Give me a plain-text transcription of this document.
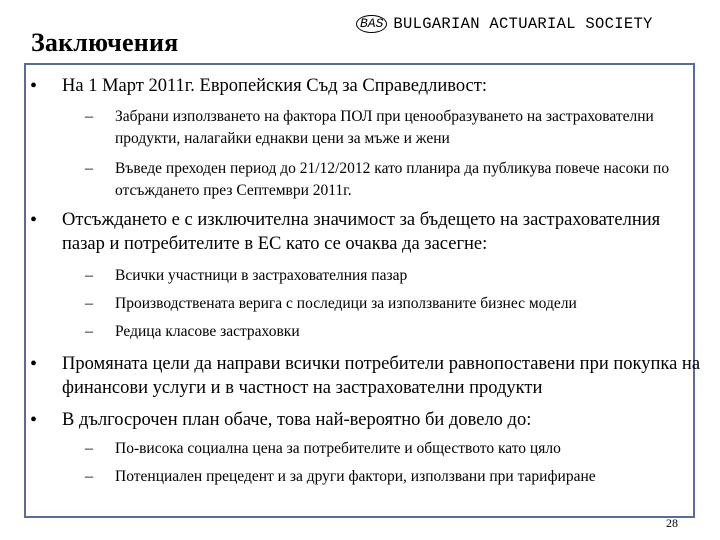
Заключения
BAS BULGARIAN ACTUARIAL SOCIETY
• На 1 Март 2011г. Европейския Съд за Справедливост:
– Забрани използването на фактора ПОЛ при ценообразуването на застрахователни продукти, налагайки еднакви цени за мъже и жени
– Въведе преходен период до 21/12/2012 като планира да публикува повече насоки по отсъждането през Септември 2011г.
• Отсъждането е с изключителна значимост за бъдещето на застрахователния пазар и потребителите в ЕС като се очаква да засегне:
– Всички участници в застрахователния пазар
– Производствената верига с последици за използваните бизнес модели
– Редица класове застраховки
• Промяната цели да направи всички потребители равнопоставени при покупка на финансови услуги и в частност на застрахователни продукти
• В дългосрочен план обаче, това най-вероятно би довело до:
– По-висока социална цена за потребителите и обществото като цяло
– Потенциален прецедент и за други фактори, използвани при тарифиране
28
